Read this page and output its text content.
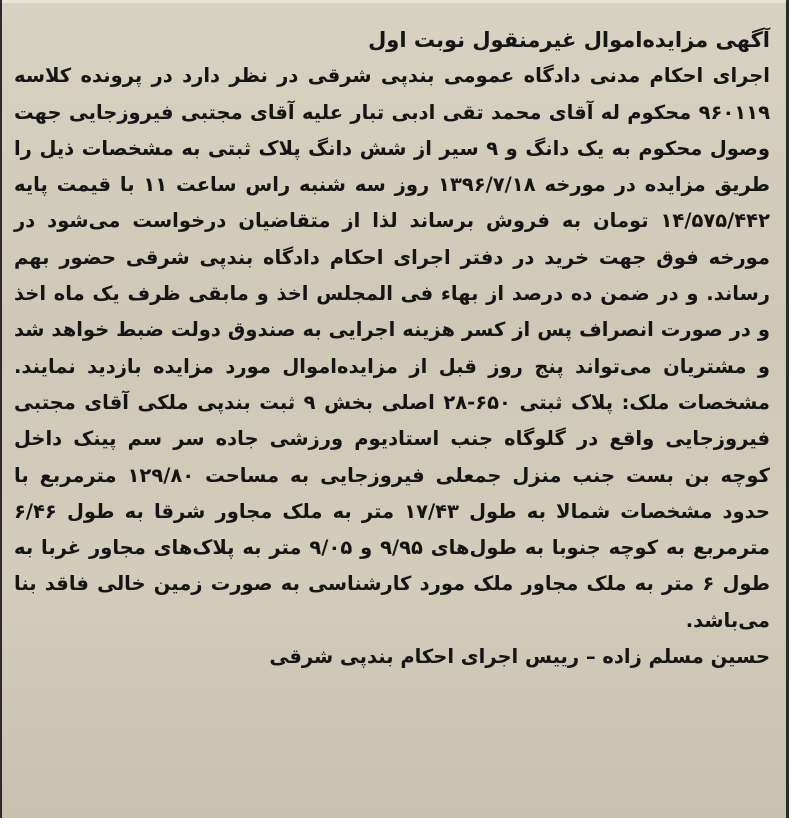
آگهی مزایده‌اموال غیرمنقول نوبت اول
اجرای احکام مدنی دادگاه عمومی بندپی شرقی در نظر دارد در پرونده کلاسه ۹۶۰۱۱۹ محکوم له آقای محمد تقی ادبی تبار علیه آقای مجتبی فیروزجایی جهت وصول محکوم به یک دانگ و ۹ سیر از شش دانگ پلاک ثبتی به مشخصات ذیل را طریق مزایده در مورخه ۱۳۹۶/۷/۱۸ روز سه شنبه راس ساعت ۱۱ با قیمت پایه ۱۴/۵۷۵/۴۴۲ تومان به فروش برساند لذا از متقاضیان درخواست می‌شود در مورخه فوق جهت خرید در دفتر اجرای احکام دادگاه بندپی شرقی حضور بهم رساند. و در ضمن ده درصد از بهاء فی المجلس اخذ و مابقی ظرف یک ماه اخذ و در صورت انصراف پس از کسر هزینه اجرایی به صندوق دولت ضبط خواهد شد و مشتریان می‌تواند پنج روز قبل از مزایده‌اموال مورد مزایده بازدید نمایند. مشخصات ملک: پلاک ثبتی ۶۵۰-۲۸ اصلی بخش ۹ ثبت بندپی ملکی آقای مجتبی فیروزجایی واقع در گلوگاه جنب استادیوم ورزشی جاده سر سم پینک داخل کوچه بن بست جنب منزل جمعلی فیروزجایی به مساحت ۱۲۹/۸۰ مترمربع با حدود مشخصات شمالا به طول ۱۷/۴۳ متر به ملک مجاور شرقا به طول ۶/۴۶ مترمربع به کوچه جنوبا به طول‌های ۹/۹۵ و ۹/۰۵ متر به پلاک‌های مجاور غربا به طول ۶ متر به ملک مجاور ملک مورد کارشناسی به صورت زمین خالی فاقد بنا می‌باشد.
حسین مسلم زاده – رییس اجرای احکام بندپی شرقی
